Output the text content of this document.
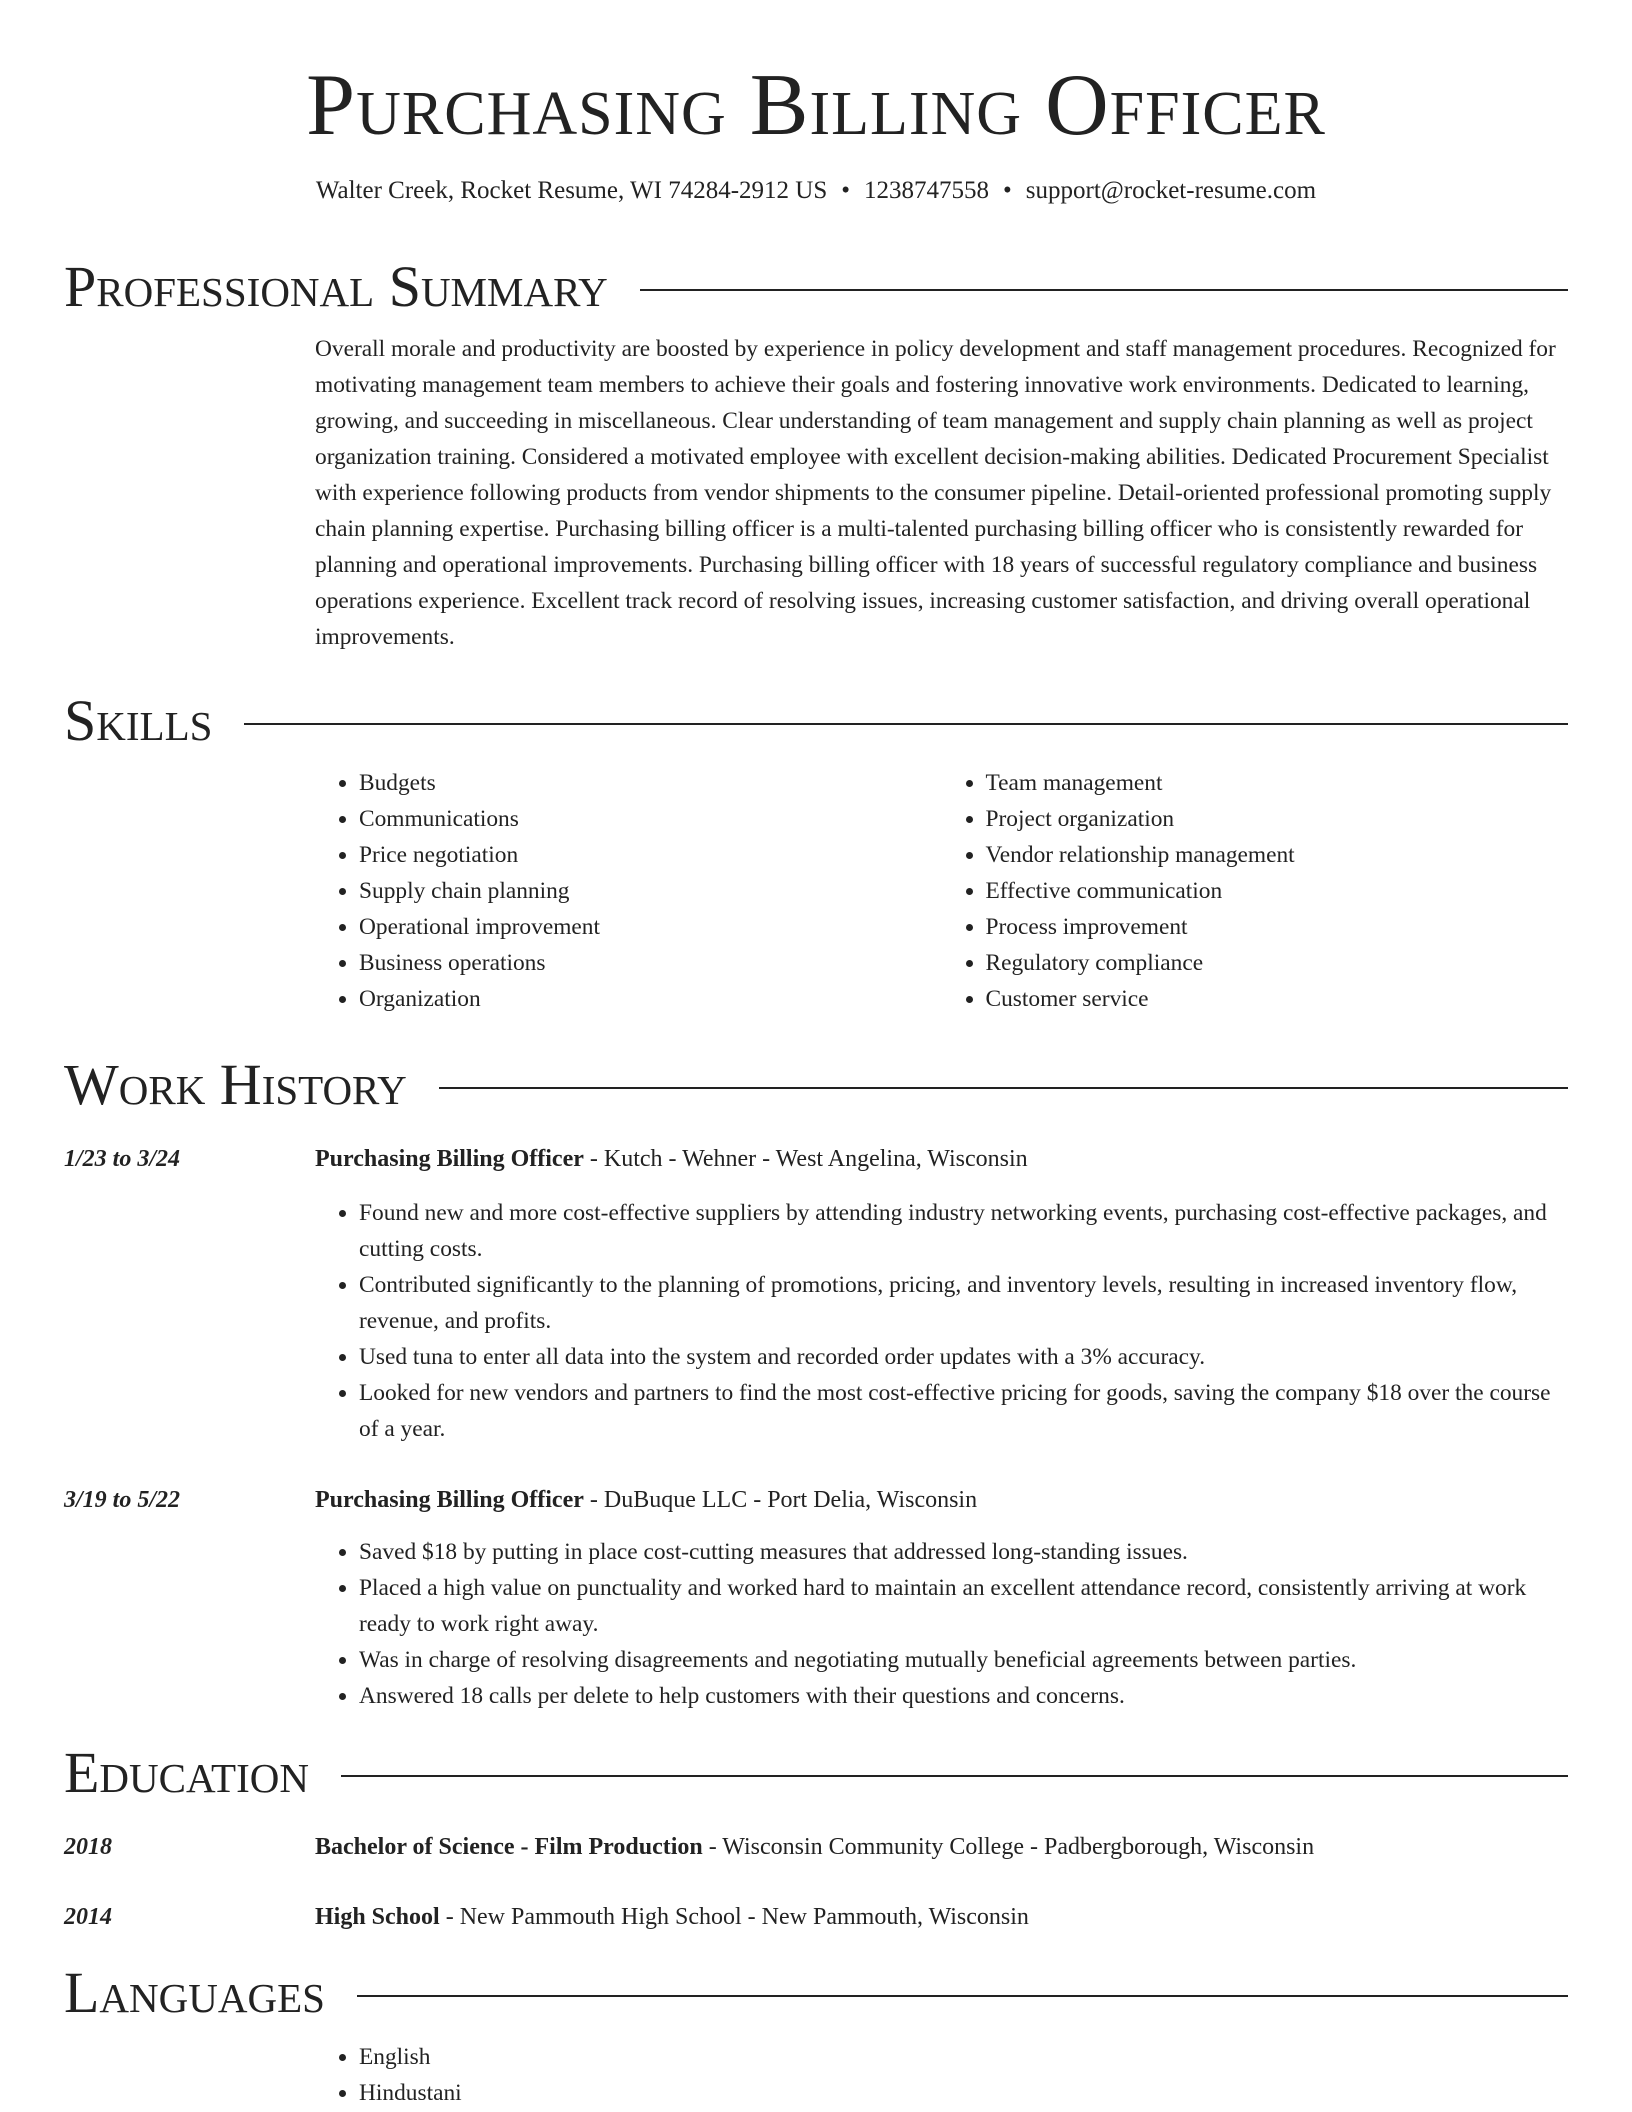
Purchasing Billing Officer
Walter Creek, Rocket Resume, WI 74284-2912 US • 1238747558 • support@rocket-resume.com
Professional Summary

Overall morale and productivity are boosted by experience in policy development and staff management procedures. Recognized for motivating management team members to achieve their goals and fostering innovative work environments. Dedicated to learning, growing, and succeeding in miscellaneous. Clear understanding of team management and supply chain planning as well as project organization training. Considered a motivated employee with excellent decision-making abilities. Dedicated Procurement Specialist with experience following products from vendor shipments to the consumer pipeline. Detail-oriented professional promoting supply chain planning expertise. Purchasing billing officer is a multi-talented purchasing billing officer who is consistently rewarded for planning and operational improvements. Purchasing billing officer with 18 years of successful regulatory compliance and business operations experience. Excellent track record of resolving issues, increasing customer satisfaction, and driving overall operational improvements.

Skills
• Budgets
• Communications
• Price negotiation
• Supply chain planning
• Operational improvement
• Business operations
• Organization
• Team management
• Project organization
• Vendor relationship management
• Effective communication
• Process improvement
• Regulatory compliance
• Customer service
Work History
1/23 to 3/24	Purchasing Billing Officer - Kutch - Wehner - West Angelina, Wisconsin
• Found new and more cost-effective suppliers by attending industry networking events, purchasing cost-effective packages, and cutting costs.
• Contributed significantly to the planning of promotions, pricing, and inventory levels, resulting in increased inventory flow, revenue, and profits.
• Used tuna to enter all data into the system and recorded order updates with a 3% accuracy.
• Looked for new vendors and partners to find the most cost-effective pricing for goods, saving the company $18 over the course of a year.
3/19 to 5/22	Purchasing Billing Officer - DuBuque LLC - Port Delia, Wisconsin
• Saved $18 by putting in place cost-cutting measures that addressed long-standing issues.
• Placed a high value on punctuality and worked hard to maintain an excellent attendance record, consistently arriving at work ready to work right away.
• Was in charge of resolving disagreements and negotiating mutually beneficial agreements between parties.
• Answered 18 calls per delete to help customers with their questions and concerns.
Education
2018	Bachelor of Science - Film Production - Wisconsin Community College - Padbergborough, Wisconsin
2014	High School - New Pammouth High School - New Pammouth, Wisconsin
Languages
• English
• Hindustani
